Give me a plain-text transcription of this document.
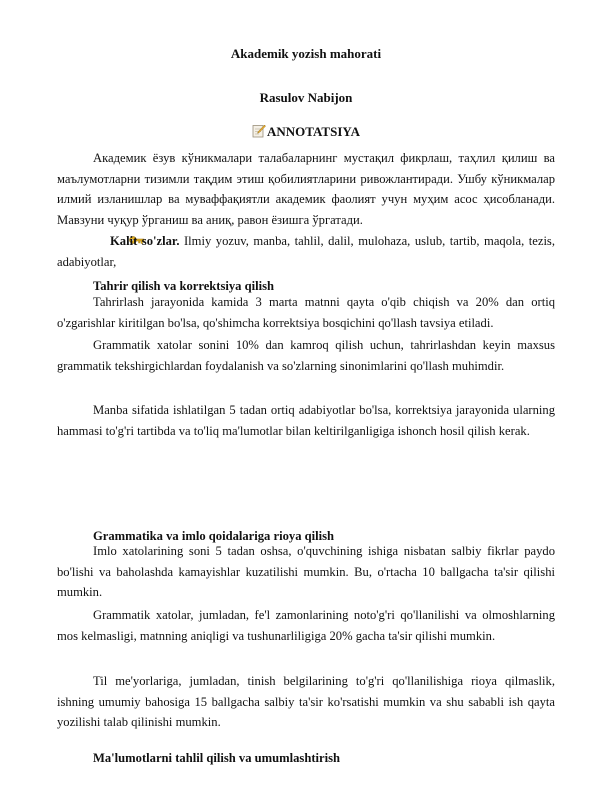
Akademik yozish mahorati
Rasulov Nabijon
ANNOTATSIYA

Академик ёзув кўникмалари талабаларнинг мустақил фикрлаш, таҳлил қилиш ва маълумотларни тизимли тақдим этиш қобилиятларини ривожлантиради. Ушбу кўникмалар илмий изланишлар ва муваффақиятли академик фаолият учун муҳим асос ҳисобланади. Мавзуни чуқур ўрганиш ва аниқ, равон ёзишга ўргатади.

Kalit so'zlar. Ilmiy yozuv, manba, tahlil, dalil, mulohaza, uslub, tartib, maqola, tezis, adabiyotlar,

Tahrir qilish va korrektsiya qilish

Tahrirlash jarayonida kamida 3 marta matnni qayta o'qib chiqish va 20% dan ortiq o'zgarishlar kiritilgan bo'lsa, qo'shimcha korrektsiya bosqichini qo'llash tavsiya etiladi.

Grammatik xatolar sonini 10% dan kamroq qilish uchun, tahrirlashdan keyin maxsus grammatik tekshirgichlardan foydalanish va so'zlarning sinonimlarini qo'llash muhimdir.

Manba sifatida ishlatilgan 5 tadan ortiq adabiyotlar bo'lsa, korrektsiya jarayonida ularning hammasi to'g'ri tartibda va to'liq ma'lumotlar bilan keltirilganligiga ishonch hosil qilish kerak.

Grammatika va imlo qoidalariga rioya qilish

Imlo xatolarining soni 5 tadan oshsa, o'quvchining ishiga nisbatan salbiy fikrlar paydo bo'lishi va baholashda kamayishlar kuzatilishi mumkin. Bu, o'rtacha 10 ballgacha ta'sir qilishi mumkin.

Grammatik xatolar, jumladan, fe'l zamonlarining noto'g'ri qo'llanilishi va olmoshlarning mos kelmasligi, matnning aniqligi va tushunarliligiga 20% gacha ta'sir qilishi mumkin.

Til me'yorlariga, jumladan, tinish belgilarining to'g'ri qo'llanilishiga rioya qilmaslik, ishning umumiy bahosiga 15 ballgacha salbiy ta'sir ko'rsatishi mumkin va shu sababli ish qayta yozilishi talab qilinishi mumkin.

Ma'lumotlarni tahlil qilish va umumlashtirish
